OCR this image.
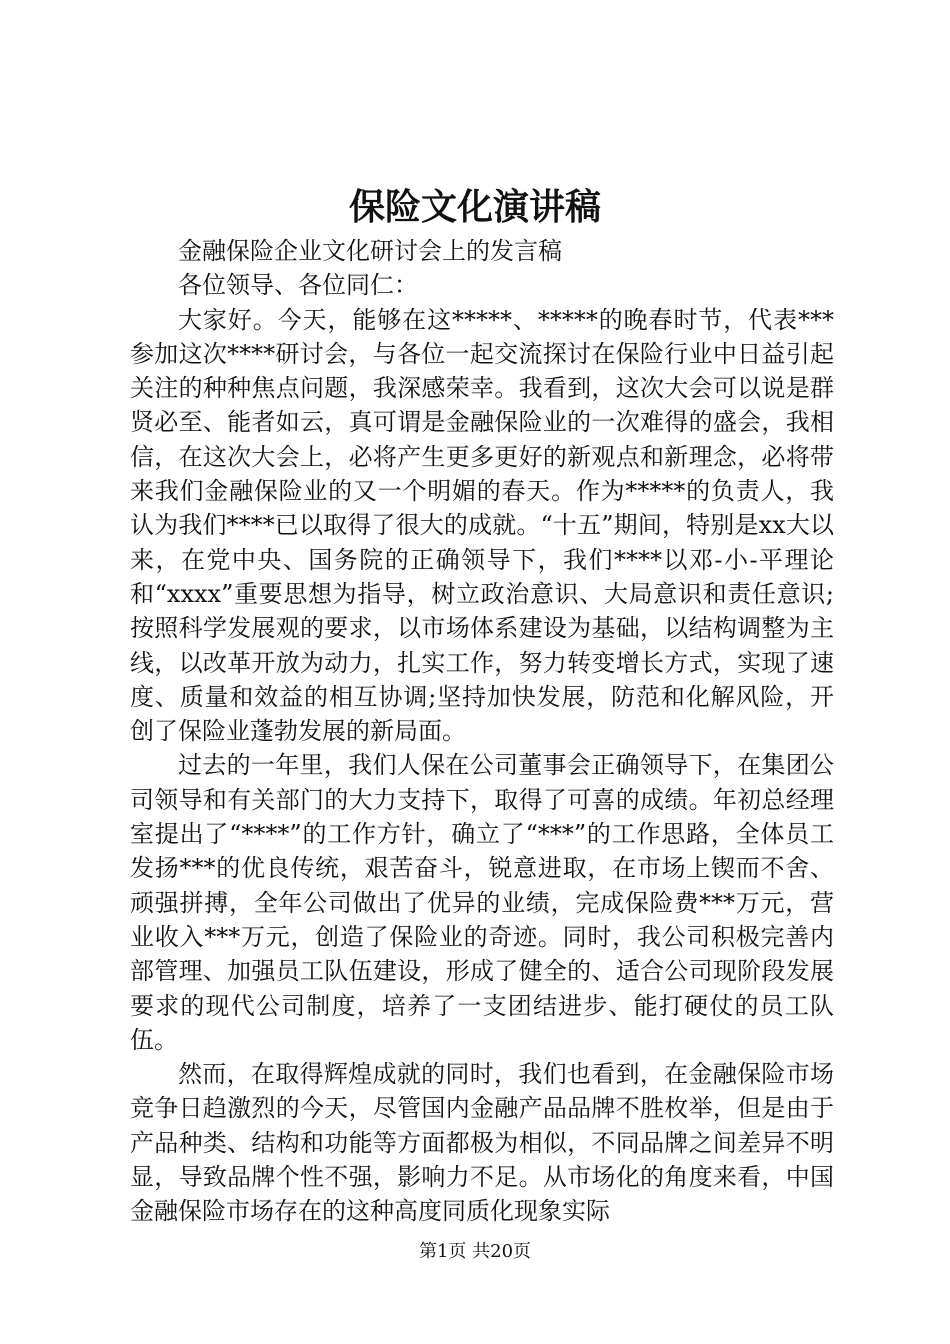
保险文化演讲稿

金融保险企业文化研讨会上的发言稿

各位领导、各位同仁：

大家好。今天，能够在这*****、*****的晚春时节，代表***参加这次****研讨会，与各位一起交流探讨在保险行业中日益引起关注的种种焦点问题，我深感荣幸。我看到，这次大会可以说是群贤必至、能者如云，真可谓是金融保险业的一次难得的盛会，我相信，在这次大会上，必将产生更多更好的新观点和新理念，必将带来我们金融保险业的又一个明媚的春天。作为*****的负责人，我认为我们****已以取得了很大的成就。“十五”期间，特别是xx大以来，在党中央、国务院的正确领导下，我们****以邓-小-平理论和“xxxx”重要思想为指导，树立政治意识、大局意识和责任意识;按照科学发展观的要求，以市场体系建设为基础，以结构调整为主线，以改革开放为动力，扎实工作，努力转变增长方式，实现了速度、质量和效益的相互协调;坚持加快发展，防范和化解风险，开创了保险业蓬勃发展的新局面。

过去的一年里，我们人保在公司董事会正确领导下，在集团公司领导和有关部门的大力支持下，取得了可喜的成绩。年初总经理室提出了“****”的工作方针，确立了“***”的工作思路，全体员工发扬***的优良传统，艰苦奋斗，锐意进取，在市场上锲而不舍、顽强拼搏，全年公司做出了优异的业绩，完成保险费***万元，营业收入***万元，创造了保险业的奇迹。同时，我公司积极完善内部管理、加强员工队伍建设，形成了健全的、适合公司现阶段发展要求的现代公司制度，培养了一支团结进步、能打硬仗的员工队伍。

然而，在取得辉煌成就的同时，我们也看到，在金融保险市场竞争日趋激烈的今天，尽管国内金融产品品牌不胜枚举，但是由于产品种类、结构和功能等方面都极为相似，不同品牌之间差异不明显，导致品牌个性不强，影响力不足。从市场化的角度来看，中国金融保险市场存在的这种高度同质化现象实际

第1页 共20页
